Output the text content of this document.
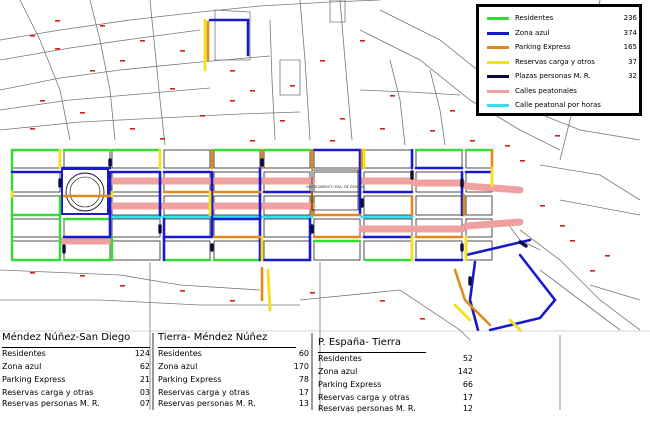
AYUNTAMIENTO PZA. DE ESPAÑA
Residentes	236
Zona azul	374
Parking Express	165
Reservas carga y otros	37
Plazas personas M. R.	32
Calles peatonales
Calle peatonal por horas
Méndez Núñez-San Diego
Residentes	124
Zona azul	62
Parking Express	21
Reservas carga y otras	03
Reservas personas M. R.	07
Tierra- Méndez Núñez
Residentes	60
Zona azul	170
Parking Express	78
Reservas carga y otras	17
Reservas personas M. R.	13
P. España- Tierra
Residentes	52
Zona azul	142
Parking Express	66
Reservas carga y otras	17
Reservas personas M. R.	12
